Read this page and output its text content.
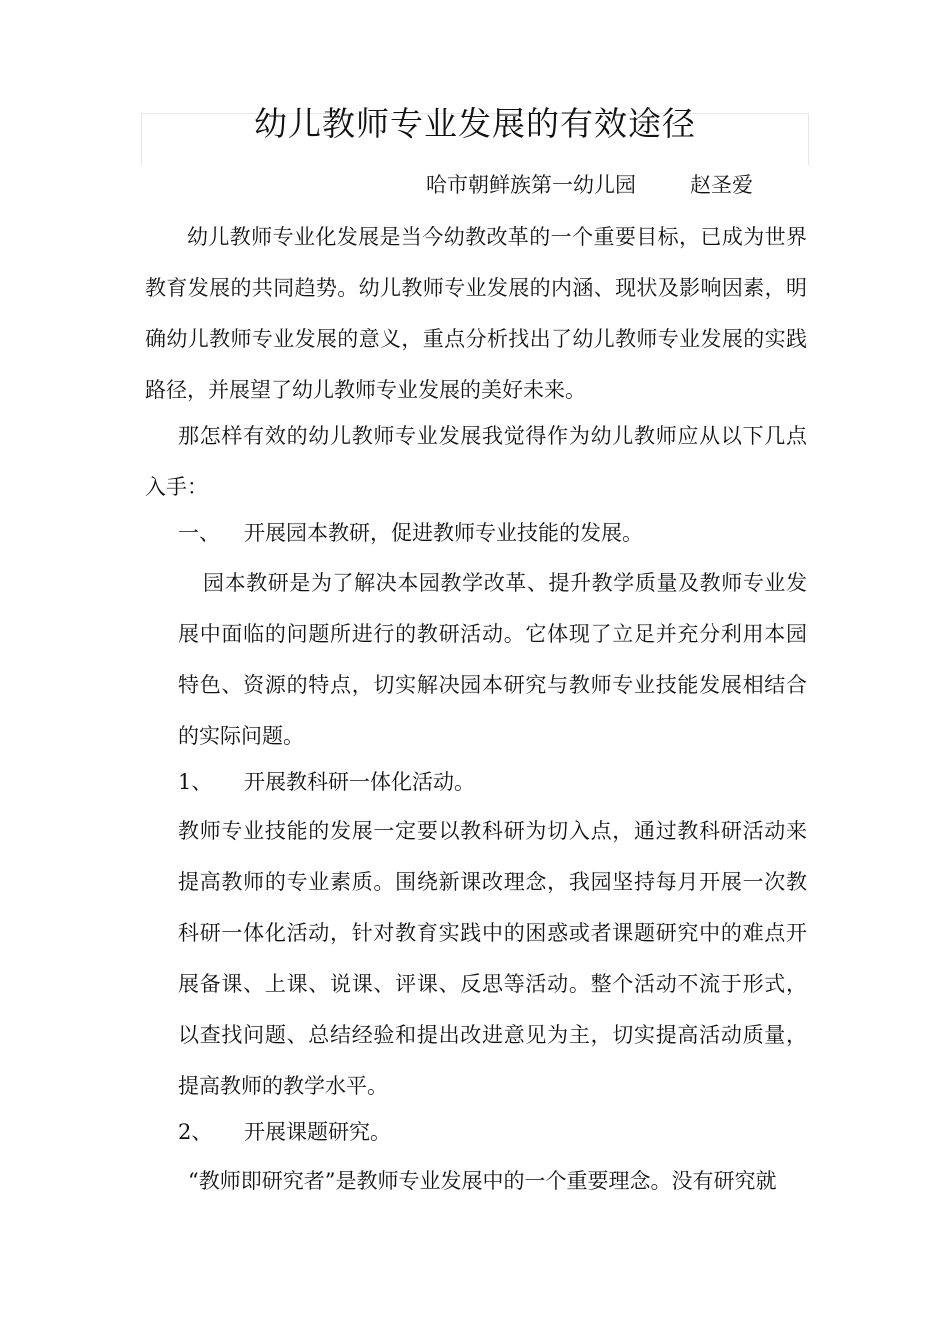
幼儿教师专业发展的有效途径
哈市朝鲜族第一幼儿园	赵圣爱

幼儿教师专业化发展是当今幼教改革的一个重要目标，已成为世界教育发展的共同趋势。幼儿教师专业发展的内涵、现状及影响因素，明确幼儿教师专业发展的意义，重点分析找出了幼儿教师专业发展的实践路径，并展望了幼儿教师专业发展的美好未来。

那怎样有效的幼儿教师专业发展我觉得作为幼儿教师应从以下几点入手：

一、 开展园本教研，促进教师专业技能的发展。

园本教研是为了解决本园教学改革、提升教学质量及教师专业发展中面临的问题所进行的教研活动。它体现了立足并充分利用本园特色、资源的特点，切实解决园本研究与教师专业技能发展相结合的实际问题。

1、 开展教科研一体化活动。

教师专业技能的发展一定要以教科研为切入点，通过教科研活动来提高教师的专业素质。围绕新课改理念，我园坚持每月开展一次教科研一体化活动，针对教育实践中的困惑或者课题研究中的难点开展备课、上课、说课、评课、反思等活动。整个活动不流于形式，以查找问题、总结经验和提出改进意见为主，切实提高活动质量，提高教师的教学水平。

2、 开展课题研究。

“教师即研究者”是教师专业发展中的一个重要理念。没有研究就
